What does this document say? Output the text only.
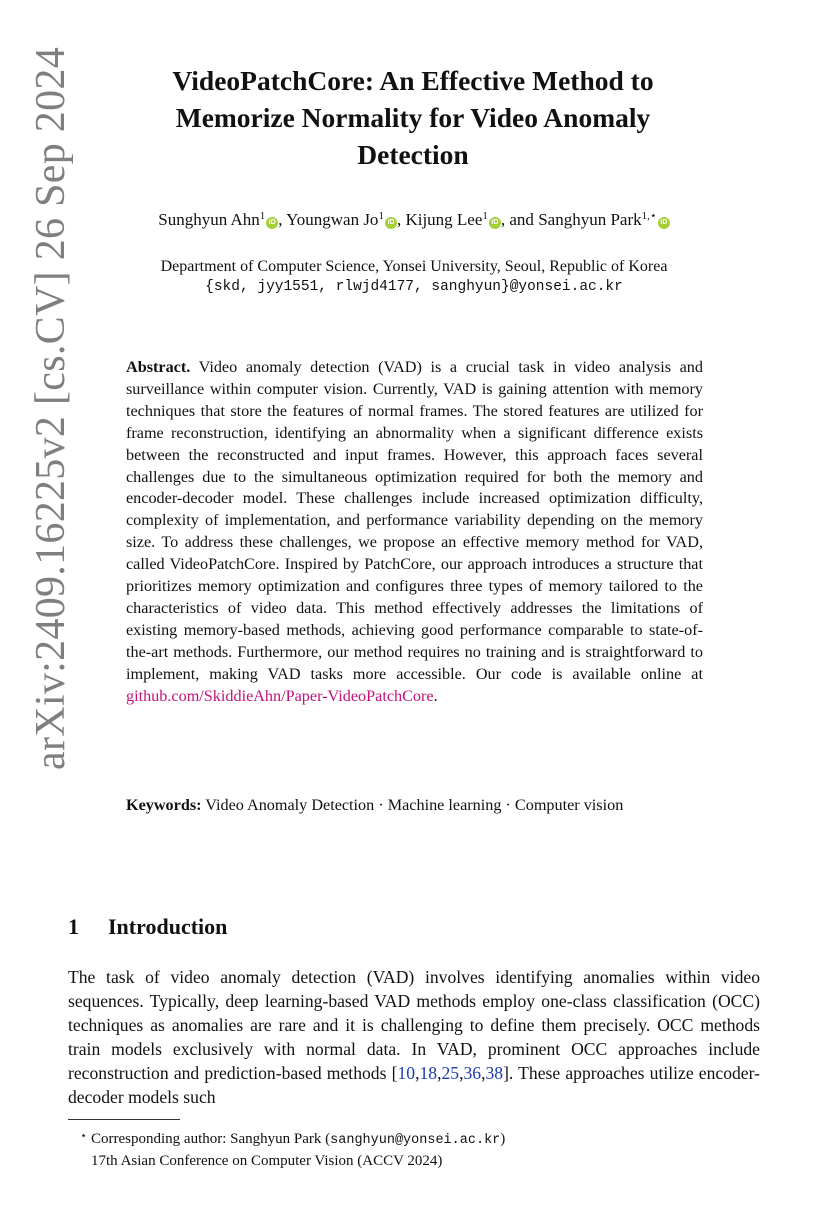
arXiv:2409.16225v2 [cs.CV] 26 Sep 2024	VideoPatchCore: An Effective Method to
Memorize Normality for Video Anomaly
Detection
Sunghyun Ahn$^1$iD , Youngwan Jo$^1$iD , Kijung Lee$^1$iD , and Sanghyun Park$^{1,⋆}$iD
Department of Computer Science, Yonsei University, Seoul, Republic of Korea
{skd, jyy1551, rlwjd4177, sanghyun}@yonsei.ac.kr

Abstract. Video anomaly detection (VAD) is a crucial task in video analysis and surveillance within computer vision. Currently, VAD is gaining attention with memory techniques that store the features of normal frames. The stored features are utilized for frame reconstruction, identifying an abnormality when a significant difference exists between the reconstructed and input frames. However, this approach faces several challenges due to the simultaneous optimization required for both the memory and encoder-decoder model. These challenges include increased optimization difficulty, complexity of implementation, and performance variability depending on the memory size. To address these challenges, we propose an effective memory method for VAD, called VideoPatchCore. Inspired by PatchCore, our approach introduces a structure that prioritizes memory optimization and configures three types of memory tailored to the characteristics of video data. This method effectively addresses the limitations of existing memory-based methods, achieving good performance comparable to state-of-the-art methods. Furthermore, our method requires no training and is straightforward to implement, making VAD tasks more accessible. Our code is available online at github.com/SkiddieAhn/Paper-VideoPatchCore.

Keywords: Video Anomaly Detection · Machine learning · Computer vision

1 Introduction

The task of video anomaly detection (VAD) involves identifying anomalies within video sequences. Typically, deep learning-based VAD methods employ one-class classification (OCC) techniques as anomalies are rare and it is challenging to define them precisely. OCC methods train models exclusively with normal data. In VAD, prominent OCC approaches include reconstruction and prediction-based methods [10,18,25,36,38]. These approaches utilize encoder-decoder models such

⋆ Corresponding author: Sanghyun Park (sanghyun@yonsei.ac.kr)
17th Asian Conference on Computer Vision (ACCV 2024)
